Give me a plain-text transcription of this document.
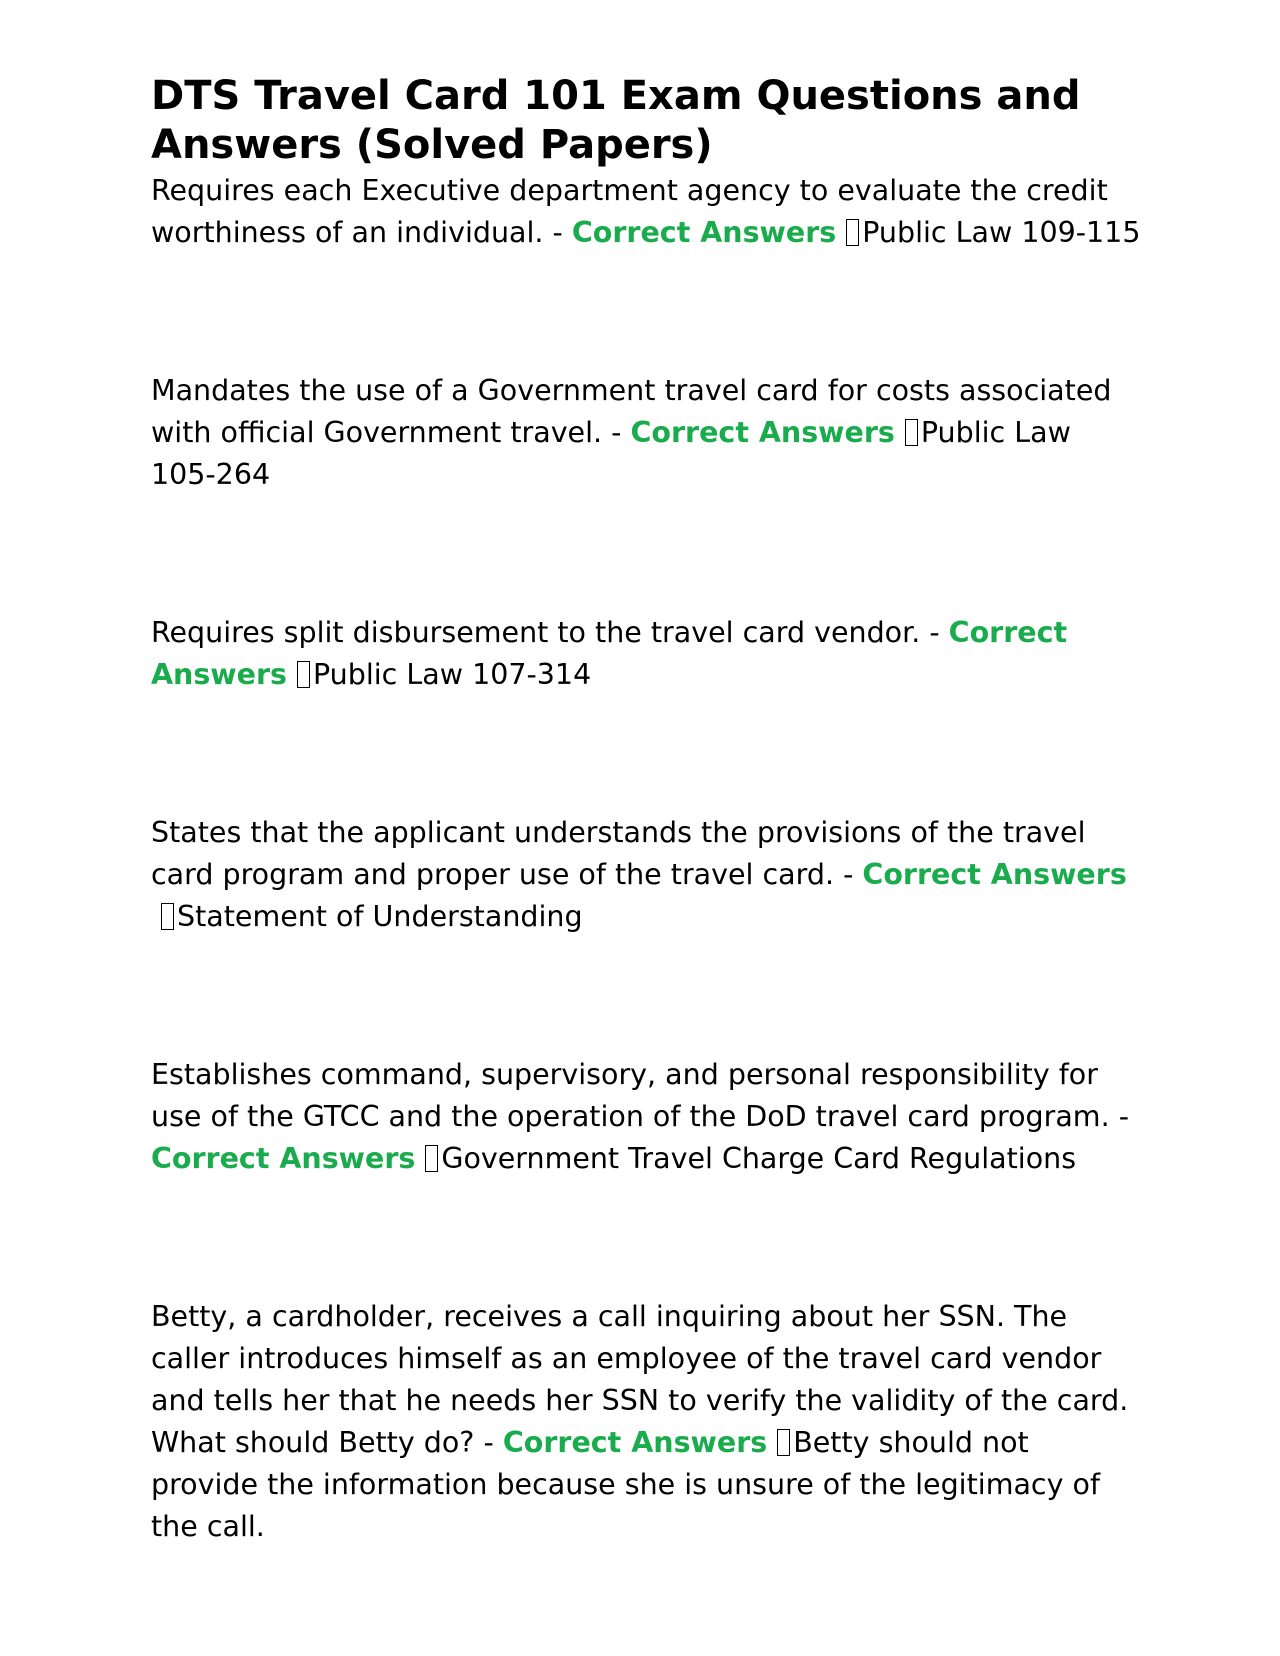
DTS Travel Card 101 Exam Questions and Answers (Solved Papers)

Requires each Executive department agency to evaluate the credit worthiness of an individual. - Correct Answers Public Law 109-115

Mandates the use of a Government travel card for costs associated with official Government travel. - Correct Answers Public Law 105-264

Requires split disbursement to the travel card vendor. - Correct Answers Public Law 107-314

States that the applicant understands the provisions of the travel card program and proper use of the travel card. - Correct AnswersStatement of Understanding

Establishes command, supervisory, and personal responsibility for use of the GTCC and the operation of the DoD travel card program. - Correct Answers Government Travel Charge Card Regulations

Betty, a cardholder, receives a call inquiring about her SSN. The caller introduces himself as an employee of the travel card vendor and tells her that he needs her SSN to verify the validity of the card. What should Betty do? - Correct Answers Betty should not provide the information because she is unsure of the legitimacy of the call.
